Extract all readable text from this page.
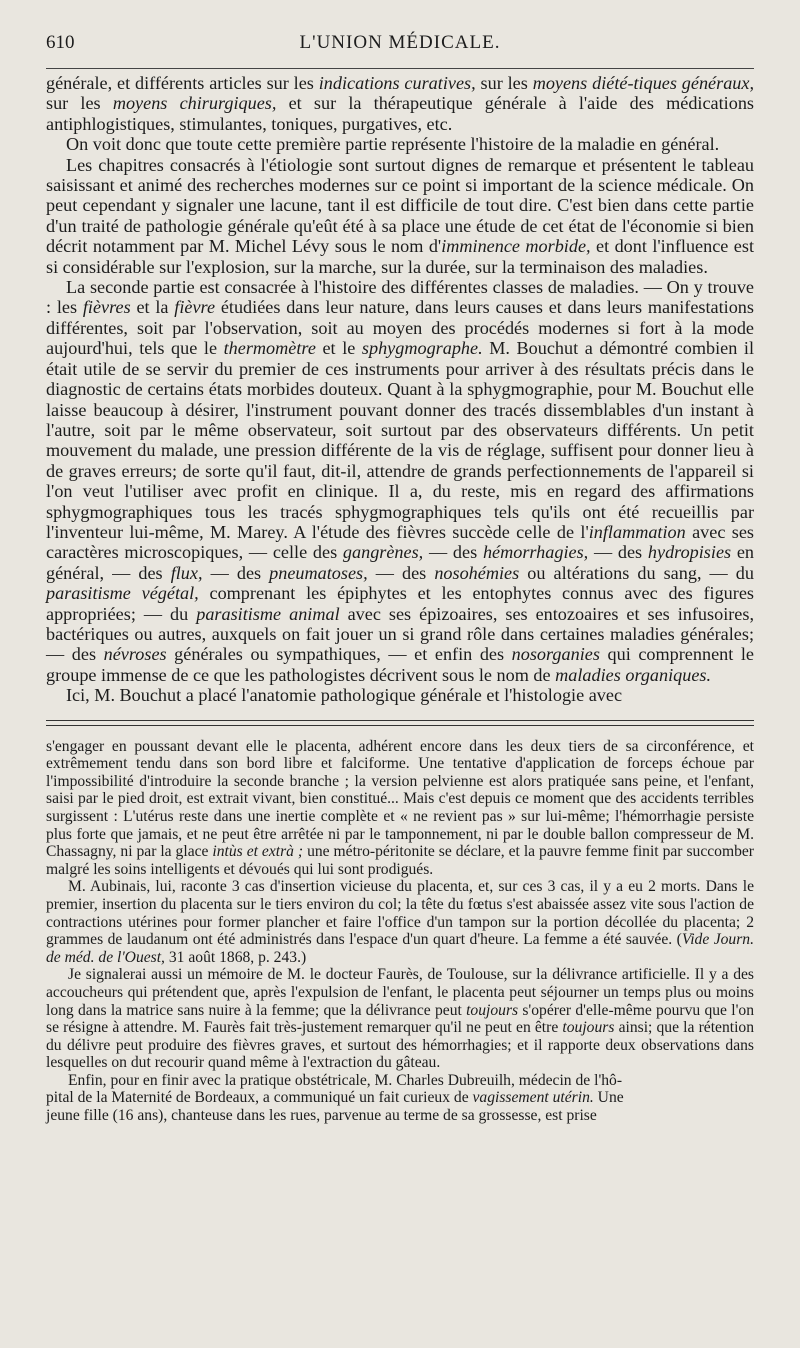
610	L'UNION MÉDICALE.

générale, et différents articles sur les indications curatives, sur les moyens diété-tiques généraux, sur les moyens chirurgiques, et sur la thérapeutique générale à l'aide des médications antiphlogistiques, stimulantes, toniques, purgatives, etc.

On voit donc que toute cette première partie représente l'histoire de la maladie en général.

Les chapitres consacrés à l'étiologie sont surtout dignes de remarque et présentent le tableau saisissant et animé des recherches modernes sur ce point si important de la science médicale. On peut cependant y signaler une lacune, tant il est difficile de tout dire. C'est bien dans cette partie d'un traité de pathologie générale qu'eût été à sa place une étude de cet état de l'économie si bien décrit notamment par M. Michel Lévy sous le nom d'imminence morbide, et dont l'influence est si considérable sur l'explosion, sur la marche, sur la durée, sur la terminaison des maladies.

La seconde partie est consacrée à l'histoire des différentes classes de maladies. — On y trouve : les fièvres et la fièvre étudiées dans leur nature, dans leurs causes et dans leurs manifestations différentes, soit par l'observation, soit au moyen des procédés modernes si fort à la mode aujourd'hui, tels que le thermomètre et le sphygmographe. M. Bouchut a démontré combien il était utile de se servir du premier de ces instruments pour arriver à des résultats précis dans le diagnostic de certains états morbides douteux. Quant à la sphygmographie, pour M. Bouchut elle laisse beaucoup à désirer, l'instrument pouvant donner des tracés dissemblables d'un instant à l'autre, soit par le même observateur, soit surtout par des observateurs différents. Un petit mouvement du malade, une pression différente de la vis de réglage, suffisent pour donner lieu à de graves erreurs; de sorte qu'il faut, dit-il, attendre de grands perfectionnements de l'appareil si l'on veut l'utiliser avec profit en clinique. Il a, du reste, mis en regard des affirmations sphygmographiques tous les tracés sphygmographiques tels qu'ils ont été recueillis par l'inventeur lui-même, M. Marey. A l'étude des fièvres succède celle de l'inflammation avec ses caractères microscopiques, — celle des gangrènes, — des hémorrhagies, — des hydropisies en général, — des flux, — des pneumatoses, — des nosohémies ou altérations du sang, — du parasitisme végétal, comprenant les épiphytes et les entophytes connus avec des figures appropriées; — du parasitisme animal avec ses épizoaires, ses entozoaires et ses infusoires, bactériques ou autres, auxquels on fait jouer un si grand rôle dans certaines maladies générales; — des névroses générales ou sympathiques, — et enfin des nosorganies qui comprennent le groupe immense de ce que les pathologistes décrivent sous le nom de maladies organiques.

Ici, M. Bouchut a placé l'anatomie pathologique générale et l'histologie avec

s'engager en poussant devant elle le placenta, adhérent encore dans les deux tiers de sa circonférence, et extrêmement tendu dans son bord libre et falciforme. Une tentative d'application de forceps échoue par l'impossibilité d'introduire la seconde branche ; la version pelvienne est alors pratiquée sans peine, et l'enfant, saisi par le pied droit, est extrait vivant, bien constitué... Mais c'est depuis ce moment que des accidents terribles surgissent : L'utérus reste dans une inertie complète et « ne revient pas » sur lui-même; l'hémorrhagie persiste plus forte que jamais, et ne peut être arrêtée ni par le tamponnement, ni par le double ballon compresseur de M. Chassagny, ni par la glace intùs et extrà ; une métro-péritonite se déclare, et la pauvre femme finit par succomber malgré les soins intelligents et dévoués qui lui sont prodigués.

M. Aubinais, lui, raconte 3 cas d'insertion vicieuse du placenta, et, sur ces 3 cas, il y a eu 2 morts. Dans le premier, insertion du placenta sur le tiers environ du col; la tête du fœtus s'est abaissée assez vite sous l'action de contractions utérines pour former plancher et faire l'office d'un tampon sur la portion décollée du placenta; 2 grammes de laudanum ont été administrés dans l'espace d'un quart d'heure. La femme a été sauvée. (Vide Journ. de méd. de l'Ouest, 31 août 1868, p. 243.)

Je signalerai aussi un mémoire de M. le docteur Faurès, de Toulouse, sur la délivrance artificielle. Il y a des accoucheurs qui prétendent que, après l'expulsion de l'enfant, le placenta peut séjourner un temps plus ou moins long dans la matrice sans nuire à la femme; que la délivrance peut toujours s'opérer d'elle-même pourvu que l'on se résigne à attendre. M. Faurès fait très-justement remarquer qu'il ne peut en être toujours ainsi; que la rétention du délivre peut produire des fièvres graves, et surtout des hémorrhagies; et il rapporte deux observations dans lesquelles on dut recourir quand même à l'extraction du gâteau.

Enfin, pour en finir avec la pratique obstétricale, M. Charles Dubreuilh, médecin de l'hô-
pital de la Maternité de Bordeaux, a communiqué un fait curieux de vagissement utérin. Une
jeune fille (16 ans), chanteuse dans les rues, parvenue au terme de sa grossesse, est prise
